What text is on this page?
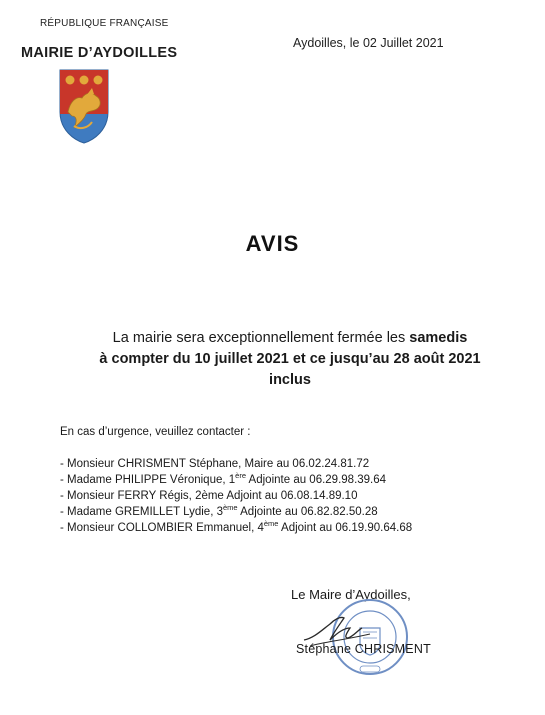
RÉPUBLIQUE FRANÇAISE
MAIRIE D’AYDOILLES
Aydoilles, le 02 Juillet 2021
AVIS
La mairie sera exceptionnellement fermée les samedis
à compter du 10 juillet 2021 et ce jusqu’au 28 août 2021
inclus
En cas d’urgence, veuillez contacter :
- Monsieur CHRISMENT Stéphane, Maire au 06.02.24.81.72
- Madame PHILIPPE Véronique, 1ère Adjointe au 06.29.98.39.64
- Monsieur FERRY Régis, 2ème Adjoint au 06.08.14.89.10
- Madame GREMILLET Lydie, 3ème Adjointe au 06.82.82.50.28
- Monsieur COLLOMBIER Emmanuel, 4ème Adjoint au 06.19.90.64.68
Le Maire d’Aydoilles,
Stéphane CHRISMENT
